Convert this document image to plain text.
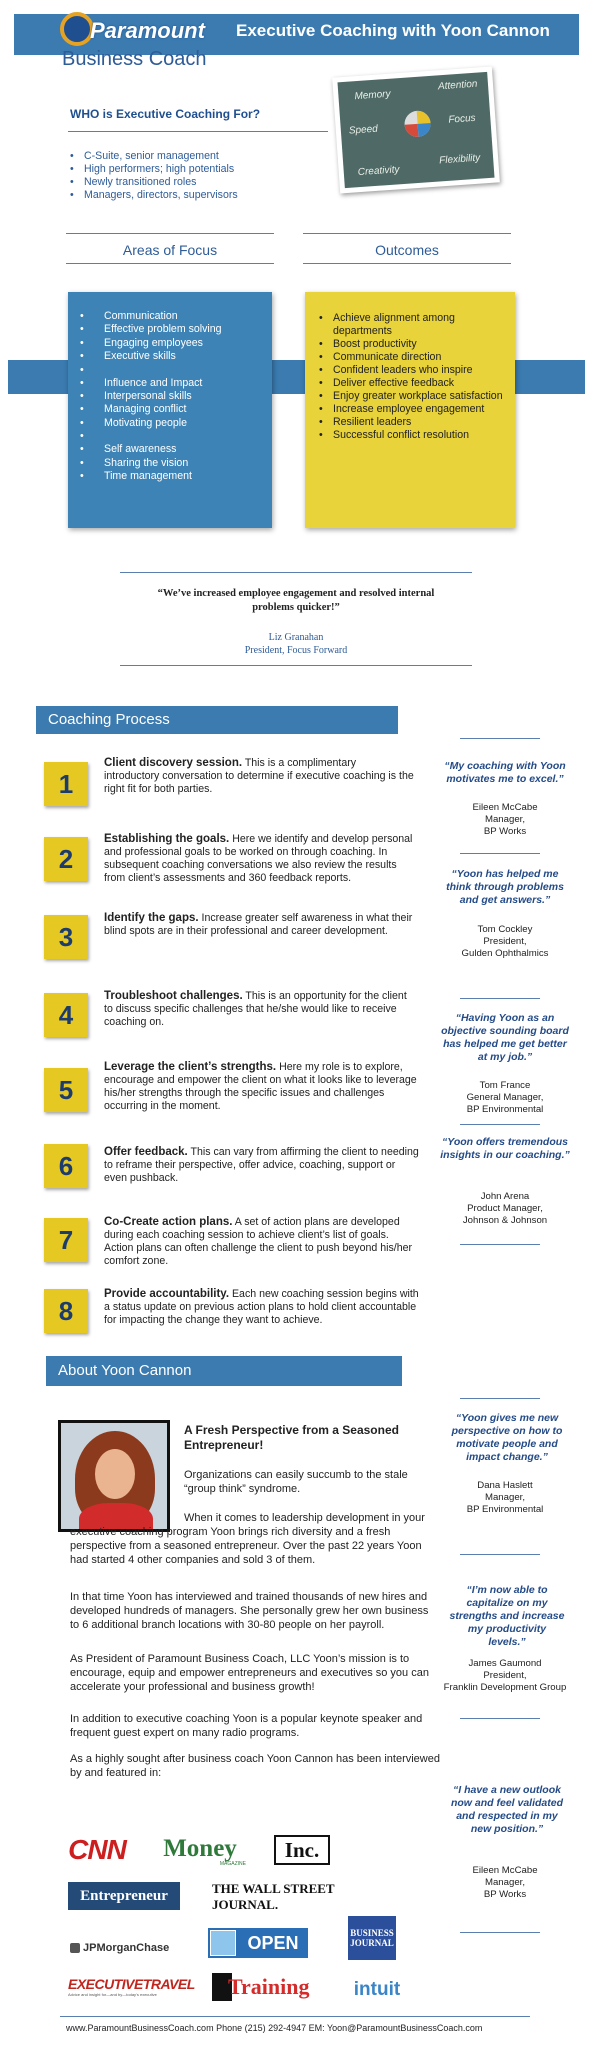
Paramount
Business Coach
Executive Coaching with Yoon Cannon
WHO is Executive Coaching For?
• C-Suite, senior management
• High performers; high potentials
• Newly transitioned roles
• Managers, directors, supervisors
Memory
Attention
Speed
Focus
Creativity
Flexibility
Areas of Focus	Outcomes
• Communication
• Effective problem solving
• Engaging employees
• Executive skills
•
• Influence and Impact
• Interpersonal skills
• Managing conflict
• Motivating people
•
• Self awareness
• Sharing the vision
• Time management
• Achieve alignment among departments
• Boost productivity
• Communicate direction
• Confident leaders who inspire
• Deliver effective feedback
• Enjoy greater workplace satisfaction
• Increase employee engagement
• Resilient leaders
• Successful conflict resolution
“We’ve increased employee engagement and resolved internal problems quicker!”
Liz Granahan
President, Focus Forward
Coaching Process
1
Client discovery session. This is a complimentary introductory conversation to determine if executive coaching is the right fit for both parties.
2
Establishing the goals. Here we identify and develop personal and professional goals to be worked on through coaching. In subsequent coaching conversations we also review the results from client’s assessments and 360 feedback reports.
3
Identify the gaps. Increase greater self awareness in what their blind spots are in their professional and career development.
4
Troubleshoot challenges. This is an opportunity for the client to discuss specific challenges that he/she would like to receive coaching on.
5
Leverage the client’s strengths. Here my role is to explore, encourage and empower the client on what it looks like to leverage his/her strengths through the specific issues and challenges occurring in the moment.
6	Offer feedback. This can vary from affirming the client to needing to reframe their perspective, offer advice, coaching, support or even pushback.
7
Co-Create action plans. A set of action plans are developed during each coaching session to achieve client’s list of goals. Action plans can often challenge the client to push beyond his/her comfort zone.
8
Provide accountability. Each new coaching session begins with a status update on previous action plans to hold client accountable for impacting the change they want to achieve.
“My coaching with Yoon motivates me to excel.”
Eileen McCabe
Manager,
BP Works
“Yoon has helped me think through problems and get answers.”
Tom Cockley
President,
Gulden Ophthalmics
“Having Yoon as an objective sounding board has helped me get better at my job.”
Tom France
General Manager,
BP Environmental
“Yoon offers tremendous insights in our coaching.”
John Arena
Product Manager,
Johnson & Johnson
About Yoon Cannon
A Fresh Perspective from a Seasoned Entrepreneur!
Organizations can easily succumb to the stale “group think” syndrome.
When it comes to leadership development in your executive coaching program Yoon brings rich diversity and a fresh perspective from a seasoned entrepreneur. Over the past 22 years Yoon had started 4 other companies and sold 3 of them.
In that time Yoon has interviewed and trained thousands of new hires and developed hundreds of managers. She personally grew her own business to 6 additional branch locations with 30-80 people on her payroll.
As President of Paramount Business Coach, LLC Yoon’s mission is to encourage, equip and empower entrepreneurs and executives so you can accelerate your professional and business growth!
In addition to executive coaching Yoon is a popular keynote speaker and frequent guest expert on many radio programs.
As a highly sought after business coach Yoon Cannon has been interviewed by and featured in:
“Yoon gives me new perspective on how to motivate people and impact change.”
Dana Haslett
Manager,
BP Environmental
“I’m now able to capitalize on my strengths and increase my productivity levels.”
James Gaumond
President,
Franklin Development Group
“I have a new outlook now and feel validated and respected in my new position.”
Eileen McCabe
Manager,
BP Works
CNN	Money
MAGAZINE
Inc.
Entrepreneur	THE WALL STREET JOURNAL.
JPMorganChase	OPEN	BUSINESS
JOURNAL
EXECUTIVETRAVEL
Advice and insight for—and by—today’s executive	Training	intuit
www.ParamountBusinessCoach.com Phone (215) 292-4947 EM: Yoon@ParamountBusinessCoach.com
